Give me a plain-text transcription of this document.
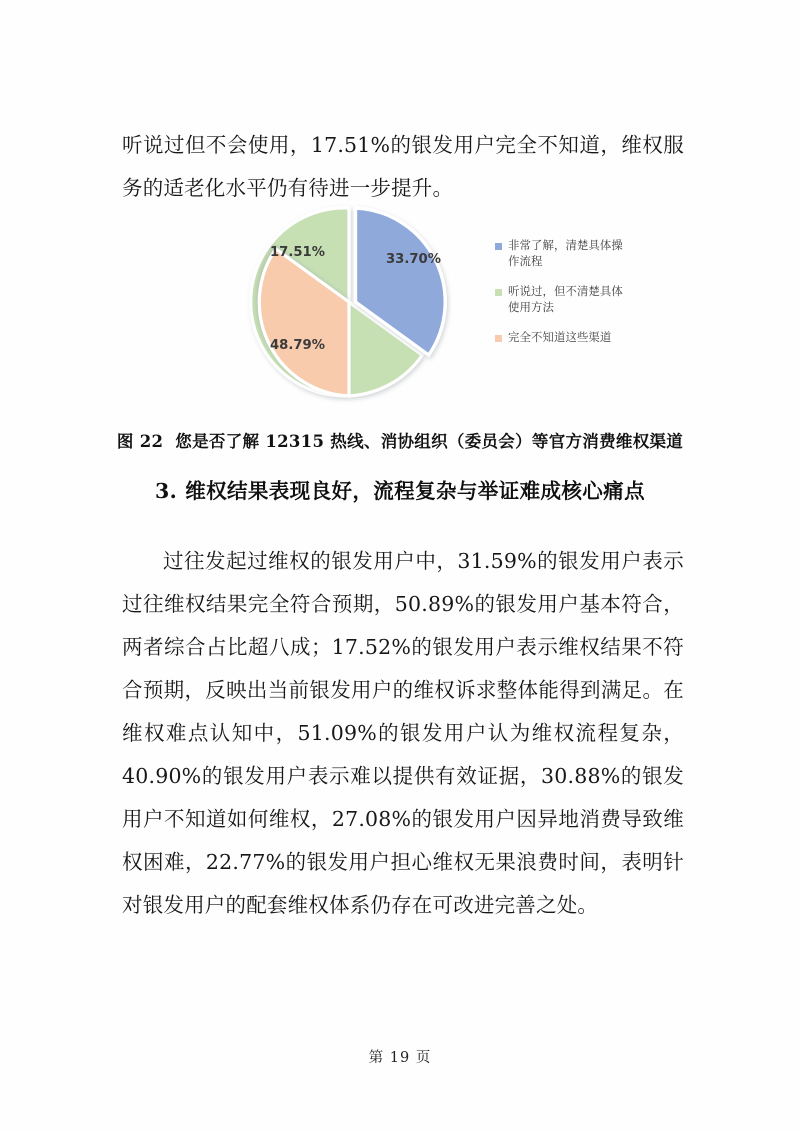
听说过但不会使用，17.51%的银发用户完全不知道，维权服务的适老化水平仍有待进一步提升。

33.70%
17.51%
48.79%
非常了解，清楚具体操作流程
听说过，但不清楚具体使用方法
完全不知道这些渠道
图 22 您是否了解 12315 热线、消协组织（委员会）等官方消费维权渠道
3. 维权结果表现良好，流程复杂与举证难成核心痛点

过往发起过维权的银发用户中，31.59%的银发用户表示过往维权结果完全符合预期，50.89%的银发用户基本符合，两者综合占比超八成；17.52%的银发用户表示维权结果不符合预期，反映出当前银发用户的维权诉求整体能得到满足。在维权难点认知中，51.09%的银发用户认为维权流程复杂，40.90%的银发用户表示难以提供有效证据，30.88%的银发用户不知道如何维权，27.08%的银发用户因异地消费导致维权困难，22.77%的银发用户担心维权无果浪费时间，表明针对银发用户的配套维权体系仍存在可改进完善之处。

第 19 页
